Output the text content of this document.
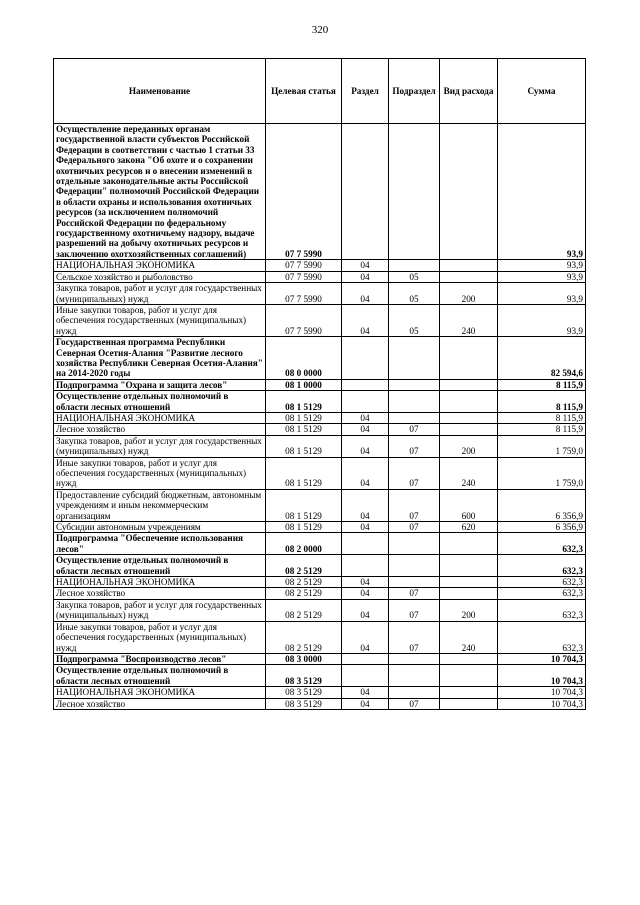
320
Наименование	Целевая статья	Раздел	Подраздел	Вид расхода	Сумма
Осуществление переданных органам государственной власти субъектов Российской Федерации в соответствии с частью 1 статьи 33 Федерального закона "Об охоте и о сохранении охотничьих ресурсов и о внесении изменений в отдельные законодательные акты Российской Федерации" полномочий Российской Федерации в области охраны и использования охотничьих ресурсов (за исключением полномочий Российской Федерации по федеральному государственному охотничьему надзору, выдаче разрешений на добычу охотничьих ресурсов и заключению охотхозяйственных соглашений)	07 7 5990				93,9
НАЦИОНАЛЬНАЯ ЭКОНОМИКА	07 7 5990	04			93,9
Сельское хозяйство и рыболовство	07 7 5990	04	05		93,9
Закупка товаров, работ и услуг для государственных (муниципальных) нужд	07 7 5990	04	05	200	93,9
Иные закупки товаров, работ и услуг для обеспечения государственных (муниципальных) нужд	07 7 5990	04	05	240	93,9
Государственная программа Республики Северная Осетия-Алания "Развитие лесного хозяйства Республики Северная Осетия-Алания" на 2014-2020 годы	08 0 0000				82 594,6
Подпрограмма "Охрана и защита лесов"	08 1 0000				8 115,9
Осуществление отдельных полномочий в области лесных отношений	08 1 5129				8 115,9
НАЦИОНАЛЬНАЯ ЭКОНОМИКА	08 1 5129	04			8 115,9
Лесное хозяйство	08 1 5129	04	07		8 115,9
Закупка товаров, работ и услуг для государственных (муниципальных) нужд	08 1 5129	04	07	200	1 759,0
Иные закупки товаров, работ и услуг для обеспечения государственных (муниципальных) нужд	08 1 5129	04	07	240	1 759,0
Предоставление субсидий бюджетным, автономным учреждениям и иным некоммерческим организациям	08 1 5129	04	07	600	6 356,9
Субсидии автономным учреждениям	08 1 5129	04	07	620	6 356,9
Подпрограмма "Обеспечение использования лесов"	08 2 0000				632,3
Осуществление отдельных полномочий в области лесных отношений	08 2 5129				632,3
НАЦИОНАЛЬНАЯ ЭКОНОМИКА	08 2 5129	04			632,3
Лесное хозяйство	08 2 5129	04	07		632,3
Закупка товаров, работ и услуг для государственных (муниципальных) нужд	08 2 5129	04	07	200	632,3
Иные закупки товаров, работ и услуг для обеспечения государственных (муниципальных) нужд	08 2 5129	04	07	240	632,3
Подпрограмма "Воспроизводство лесов"	08 3 0000				10 704,3
Осуществление отдельных полномочий в области лесных отношений	08 3 5129				10 704,3
НАЦИОНАЛЬНАЯ ЭКОНОМИКА	08 3 5129	04			10 704,3
Лесное хозяйство	08 3 5129	04	07		10 704,3
